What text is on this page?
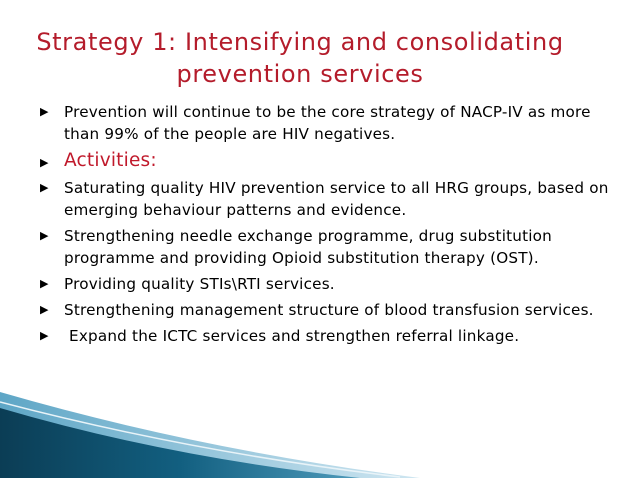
Strategy 1: Intensifying and consolidating
prevention services
▶ Prevention will continue to be the core strategy of NACP-IV as more than 99% of the people are HIV negatives.
▶ Activities:
▶ Saturating quality HIV prevention service to all HRG groups, based on emerging behaviour patterns and evidence.
▶ Strengthening needle exchange programme, drug substitution programme and providing Opioid substitution therapy (OST).
▶ Providing quality STIs\RTI services.
▶ Strengthening management structure of blood transfusion services.
▶ Expand the ICTC services and strengthen referral linkage.
